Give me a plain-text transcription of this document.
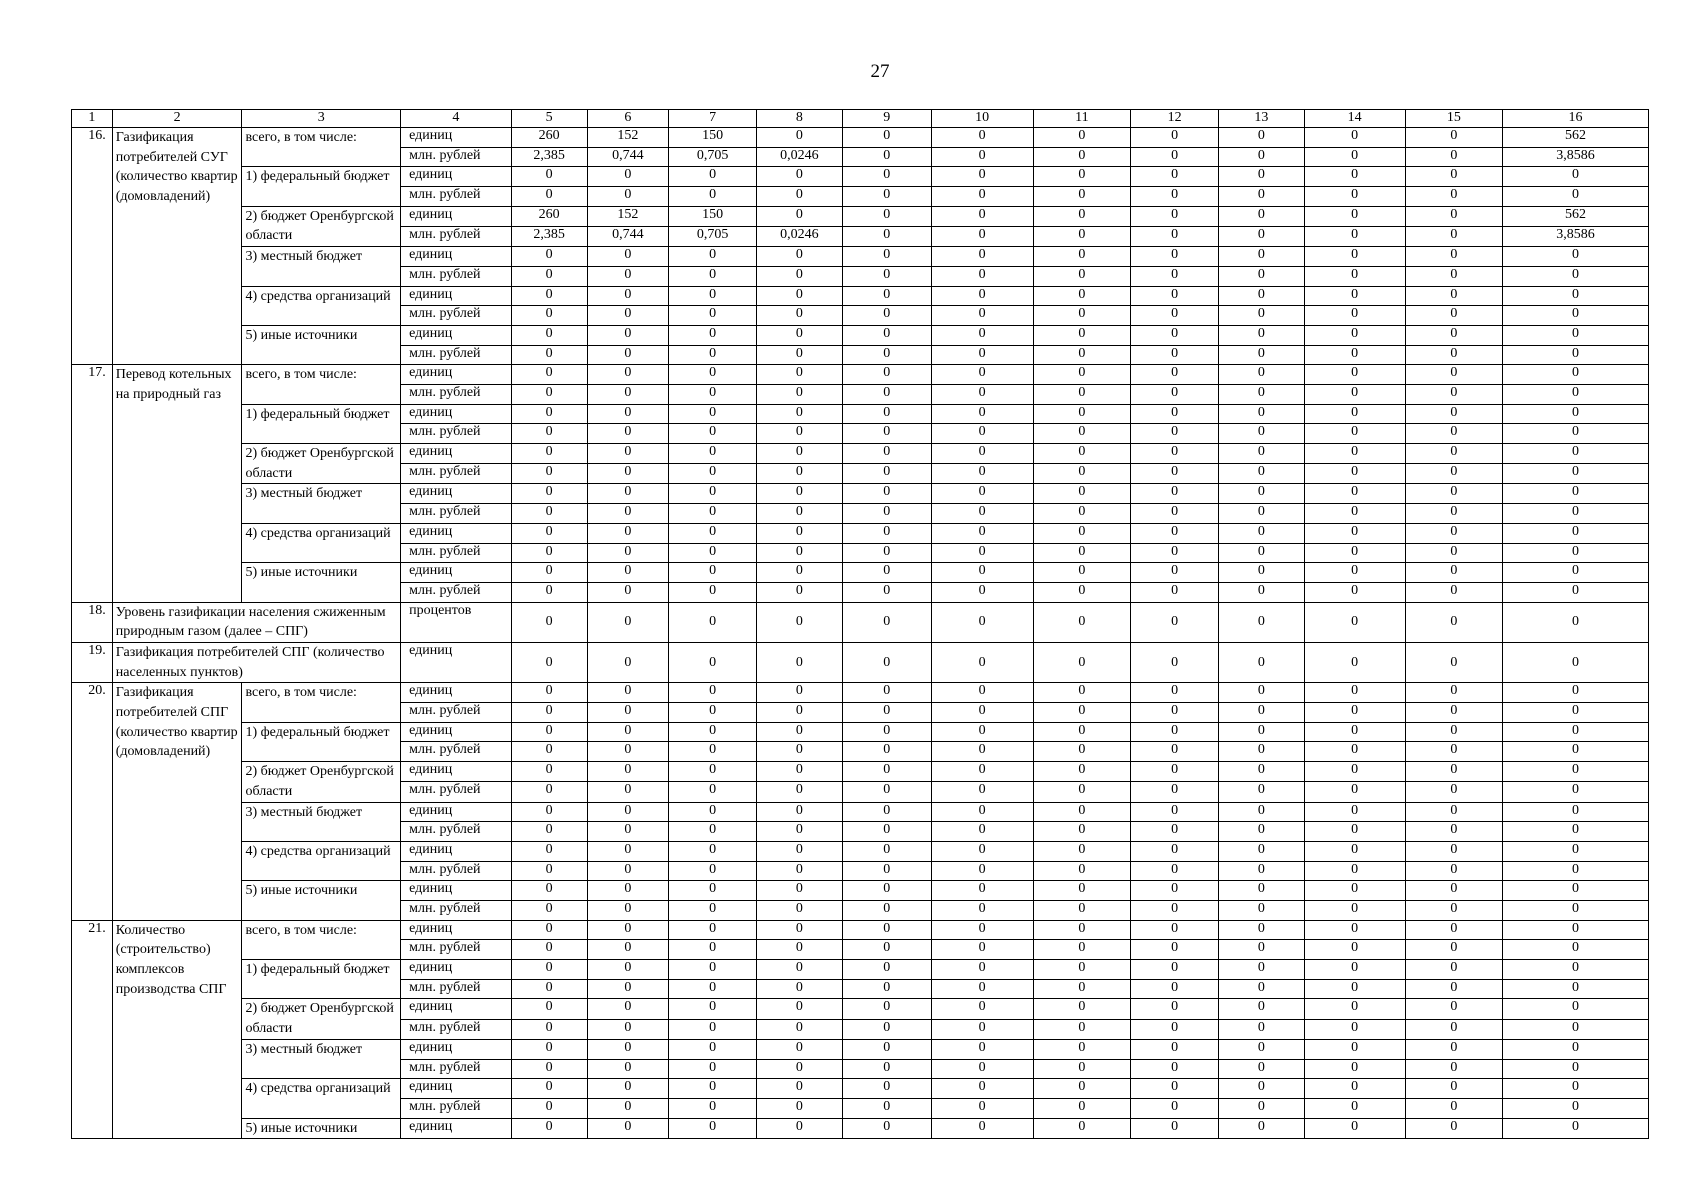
27
1	2	3	4	5	6	7	8	9	10	11	12	13	14	15	16
16.	Газификация потребителей СУГ (количество квартир (домовладений)	всего, в том числе:	единиц	260	152	150	0	0	0	0	0	0	0	0	562
			млн. рублей	2,385	0,744	0,705	0,0246	0	0	0	0	0	0	0	3,8586
		1) федеральный бюджет	единиц	0	0	0	0	0	0	0	0	0	0	0	0
			млн. рублей	0	0	0	0	0	0	0	0	0	0	0	0
		2) бюджет Оренбургской области	единиц	260	152	150	0	0	0	0	0	0	0	0	562
			млн. рублей	2,385	0,744	0,705	0,0246	0	0	0	0	0	0	0	3,8586
		3) местный бюджет	единиц	0	0	0	0	0	0	0	0	0	0	0	0
			млн. рублей	0	0	0	0	0	0	0	0	0	0	0	0
		4) средства организаций	единиц	0	0	0	0	0	0	0	0	0	0	0	0
			млн. рублей	0	0	0	0	0	0	0	0	0	0	0	0
		5) иные источники	единиц	0	0	0	0	0	0	0	0	0	0	0	0
			млн. рублей	0	0	0	0	0	0	0	0	0	0	0	0
17.	Перевод котельных на природный газ	всего, в том числе:	единиц	0	0	0	0	0	0	0	0	0	0	0	0
			млн. рублей	0	0	0	0	0	0	0	0	0	0	0	0
		1) федеральный бюджет	единиц	0	0	0	0	0	0	0	0	0	0	0	0
			млн. рублей	0	0	0	0	0	0	0	0	0	0	0	0
		2) бюджет Оренбургской области	единиц	0	0	0	0	0	0	0	0	0	0	0	0
			млн. рублей	0	0	0	0	0	0	0	0	0	0	0	0
		3) местный бюджет	единиц	0	0	0	0	0	0	0	0	0	0	0	0
			млн. рублей	0	0	0	0	0	0	0	0	0	0	0	0
		4) средства организаций	единиц	0	0	0	0	0	0	0	0	0	0	0	0
			млн. рублей	0	0	0	0	0	0	0	0	0	0	0	0
		5) иные источники	единиц	0	0	0	0	0	0	0	0	0	0	0	0
			млн. рублей	0	0	0	0	0	0	0	0	0	0	0	0
18.	Уровень газификации населения сжиженным природным газом (далее – СПГ)		процентов	0	0	0	0	0	0	0	0	0	0	0	0
19.	Газификация потребителей СПГ (количество населенных пунктов)		единиц	0	0	0	0	0	0	0	0	0	0	0	0
20.	Газификация потребителей СПГ (количество квартир (домовладений)	всего, в том числе:	единиц	0	0	0	0	0	0	0	0	0	0	0	0
			млн. рублей	0	0	0	0	0	0	0	0	0	0	0	0
		1) федеральный бюджет	единиц	0	0	0	0	0	0	0	0	0	0	0	0
			млн. рублей	0	0	0	0	0	0	0	0	0	0	0	0
		2) бюджет Оренбургской области	единиц	0	0	0	0	0	0	0	0	0	0	0	0
			млн. рублей	0	0	0	0	0	0	0	0	0	0	0	0
		3) местный бюджет	единиц	0	0	0	0	0	0	0	0	0	0	0	0
			млн. рублей	0	0	0	0	0	0	0	0	0	0	0	0
		4) средства организаций	единиц	0	0	0	0	0	0	0	0	0	0	0	0
			млн. рублей	0	0	0	0	0	0	0	0	0	0	0	0
		5) иные источники	единиц	0	0	0	0	0	0	0	0	0	0	0	0
			млн. рублей	0	0	0	0	0	0	0	0	0	0	0	0
21.	Количество (строительство) комплексов производства СПГ	всего, в том числе:	единиц	0	0	0	0	0	0	0	0	0	0	0	0
			млн. рублей	0	0	0	0	0	0	0	0	0	0	0	0
		1) федеральный бюджет	единиц	0	0	0	0	0	0	0	0	0	0	0	0
			млн. рублей	0	0	0	0	0	0	0	0	0	0	0	0
		2) бюджет Оренбургской области	единиц	0	0	0	0	0	0	0	0	0	0	0	0
			млн. рублей	0	0	0	0	0	0	0	0	0	0	0	0
		3) местный бюджет	единиц	0	0	0	0	0	0	0	0	0	0	0	0
			млн. рублей	0	0	0	0	0	0	0	0	0	0	0	0
		4) средства организаций	единиц	0	0	0	0	0	0	0	0	0	0	0	0
			млн. рублей	0	0	0	0	0	0	0	0	0	0	0	0
		5) иные источники	единиц	0	0	0	0	0	0	0	0	0	0	0	0
